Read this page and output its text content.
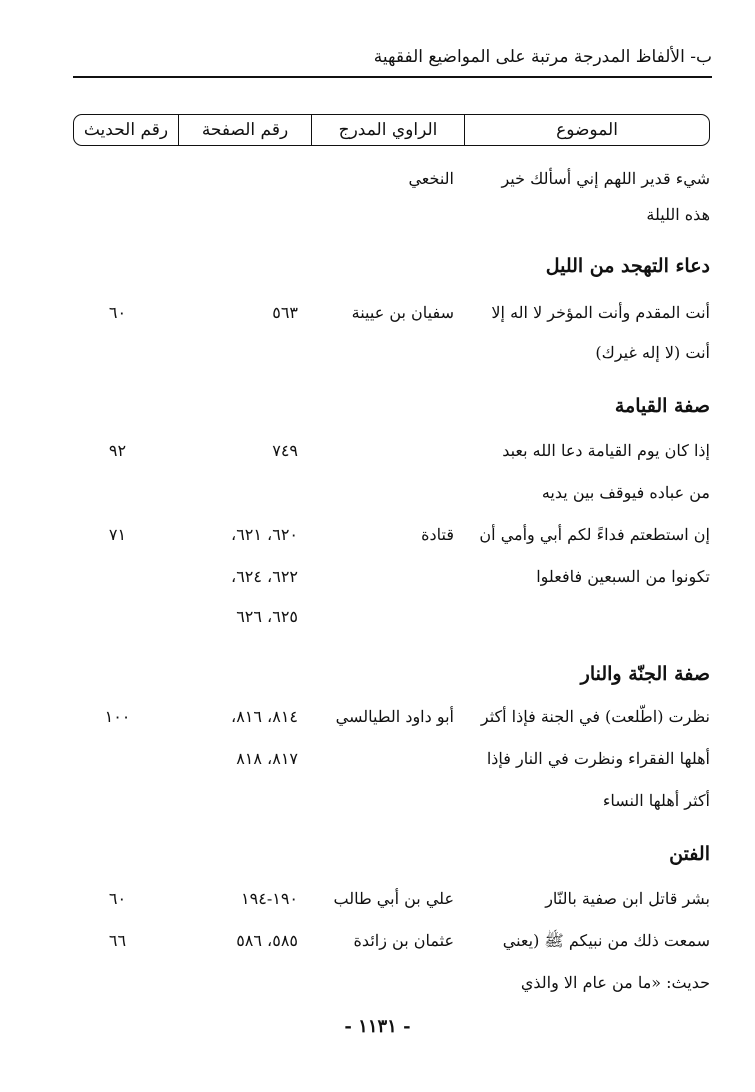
ب- الألفاظ المدرجة مرتبة على المواضيع الفقهية
الموضوع
الراوي المدرج
رقم الصفحة
رقم الحديث
شيء قدير اللهم إني أسألك خير
النخعي
هذه الليلة
دعاء التهجد من الليل
أنت المقدم وأنت المؤخر لا اله إلا
سفيان بن عيينة
٥٦٣
٦٠
أنت (لا إله غيرك)
صفة القيامة
إذا كان يوم القيامة دعا الله بعبد
٧٤٩
٩٢
من عباده فيوقف بين يديه
إن استطعتم فداءً لكم أبي وأمي أن
قتادة
٦٢٠، ٦٢١،
٧١
تكونوا من السبعين فافعلوا
٦٢٢، ٦٢٤،
٦٢٥، ٦٢٦
صفة الجنّة والنار
نظرت (اطّلعت) في الجنة فإذا أكثر
أبو داود الطيالسي
٨١٤، ٨١٦،
١٠٠
أهلها الفقراء ونظرت في النار فإذا
٨١٧، ٨١٨
أكثر أهلها النساء
الفتن
بشر قاتل ابن صفية بالنّار
علي بن أبي طالب
١٩٠-١٩٤
٦٠
سمعت ذلك من نبيكم ﷺ (يعني
عثمان بن زائدة
٥٨٥، ٥٨٦
٦٦
حديث: «ما من عام الا والذي
- ١١٣١ -
